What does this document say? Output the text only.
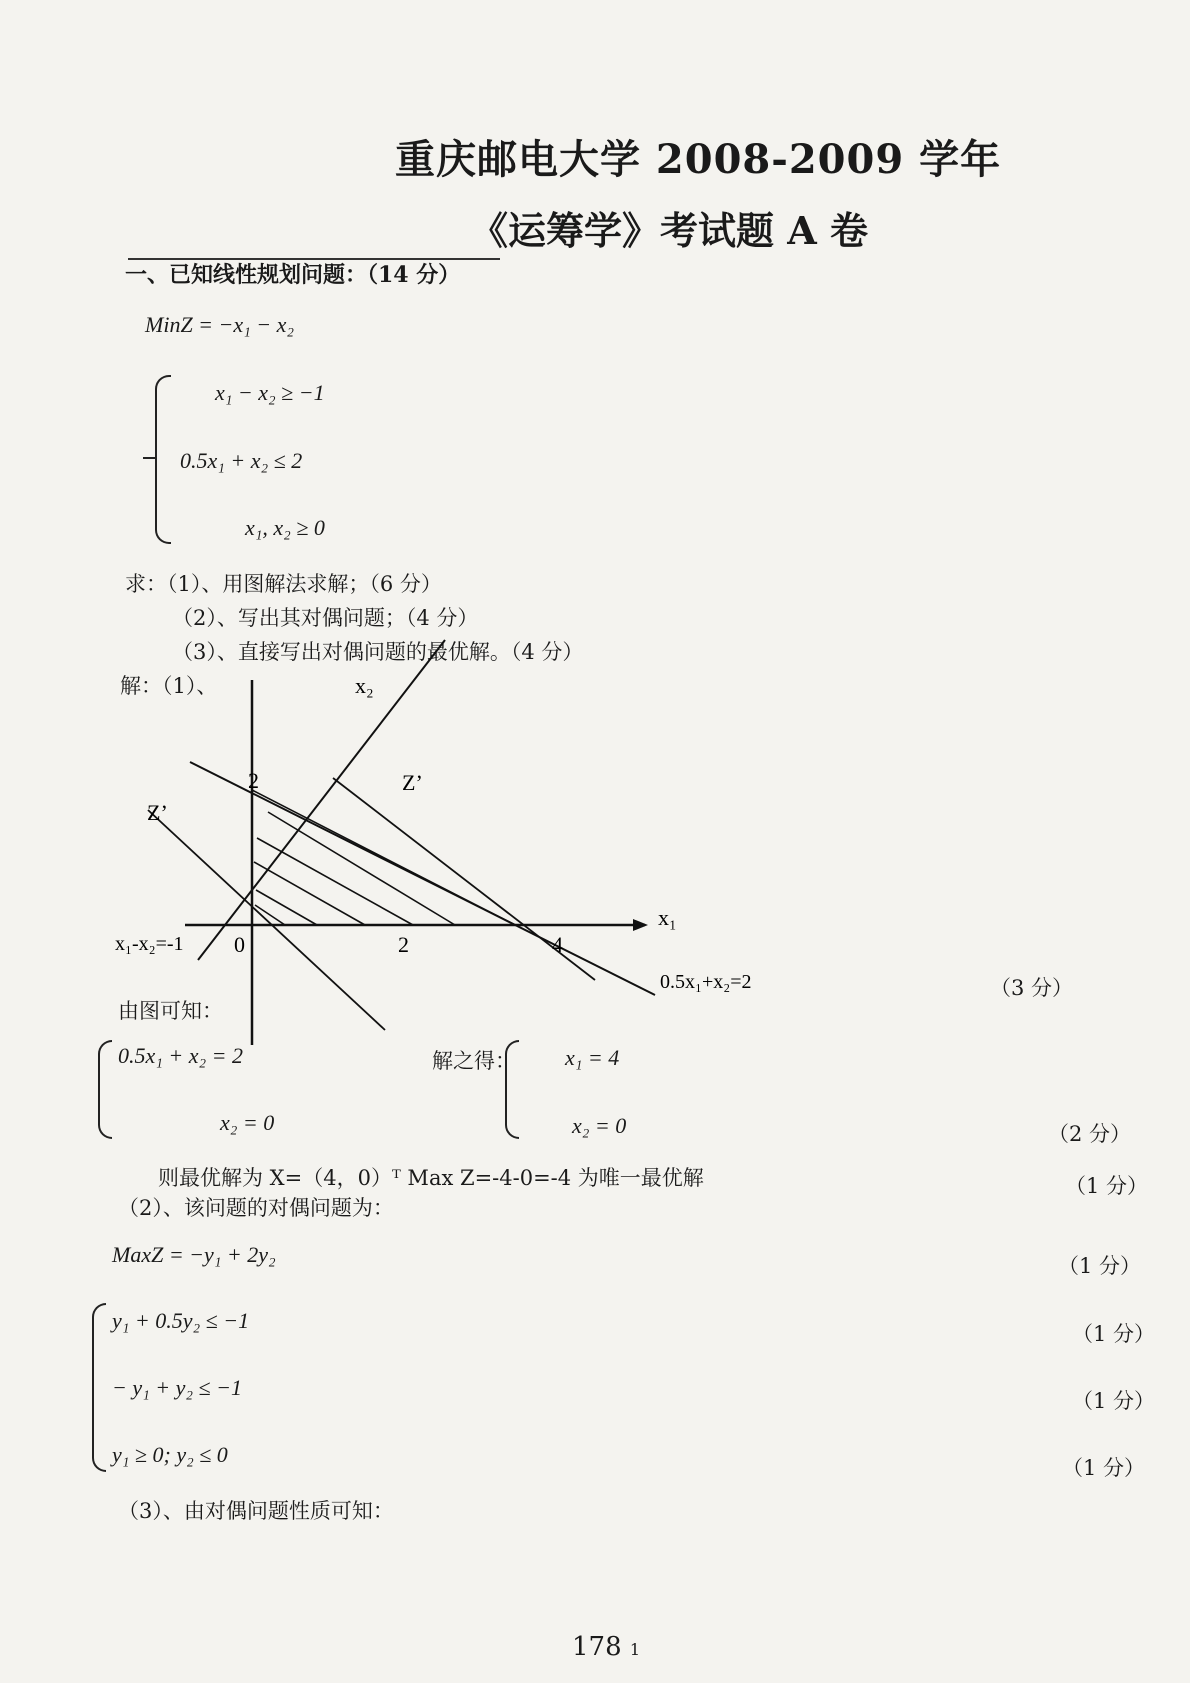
重庆邮电大学 2008-2009 学年
《运筹学》考试题 A 卷
一、已知线性规划问题：（14 分）
MinZ = −x₁ − x₂
x₁ − x₂ ≥ −1
0.5x₁ + x₂ ≤ 2
x₁, x₂ ≥ 0
求：（1）、用图解法求解；（6 分）
（2）、写出其对偶问题；（4 分）
（3）、直接写出对偶问题的最优解。（4 分）
解：（1）、	x₂
x₁
Z’
Z’
0	2	4
2
x₁-x₂=-1
0.5x₁+x₂=2	（3 分）
由图可知：
0.5x₁ + x₂ = 2
x₂ = 0
解之得： x₁ = 4
x₂ = 0	（2 分）
则最优解为 X=（4，0）ᵀ Max Z=-4-0=-4 为唯一最优解	（1 分）
（2）、该问题的对偶问题为：
MaxZ = −y₁ + 2y₂	（1 分）
y₁ + 0.5y₂ ≤ −1
− y₁ + y₂ ≤ −1
y₁ ≥ 0; y₂ ≤ 0
（1 分）
（1 分）
（1 分）
（3）、由对偶问题性质可知：
178 1
